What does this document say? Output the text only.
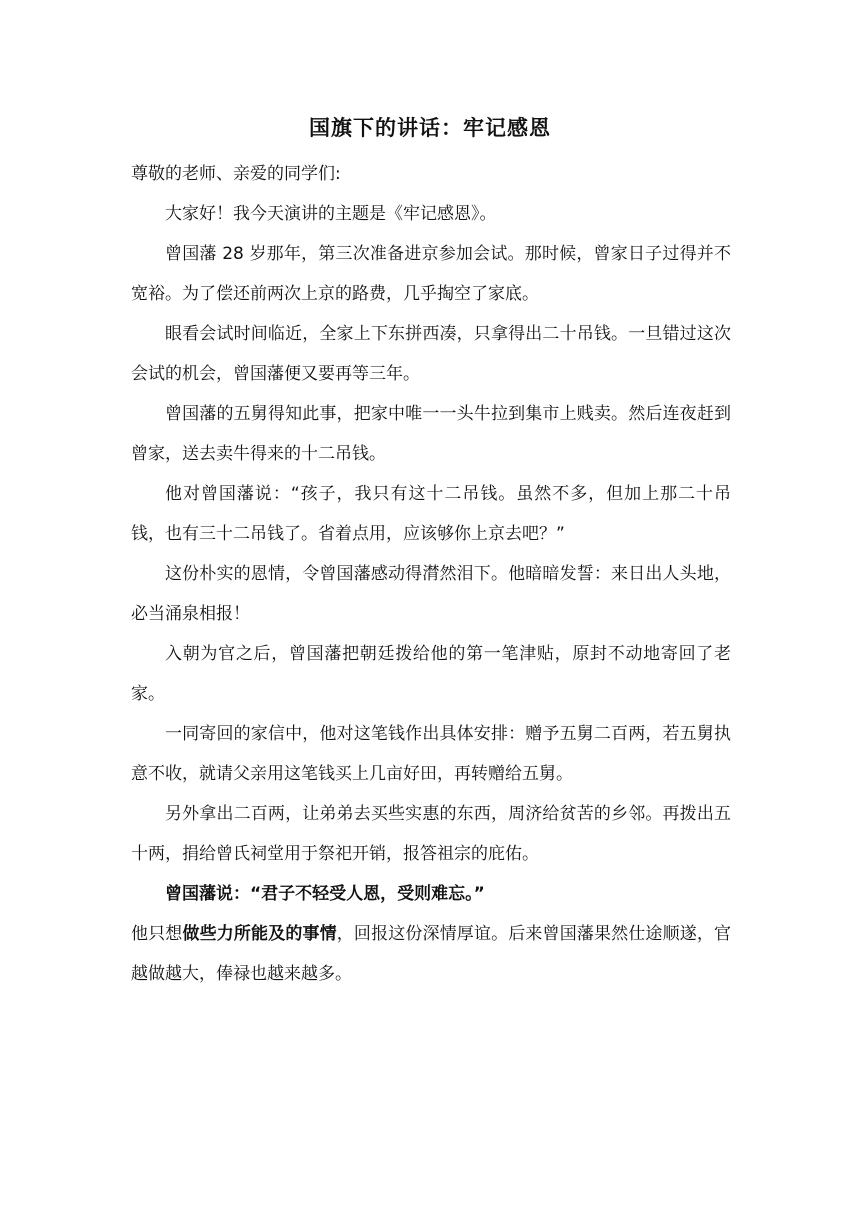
国旗下的讲话：牢记感恩

尊敬的老师、亲爱的同学们:

大家好！我今天演讲的主题是《牢记感恩》。

曾国藩 28 岁那年，第三次准备进京参加会试。那时候，曾家日子过得并不宽裕。为了偿还前两次上京的路费，几乎掏空了家底。

眼看会试时间临近，全家上下东拼西凑，只拿得出二十吊钱。一旦错过这次会试的机会，曾国藩便又要再等三年。

曾国藩的五舅得知此事，把家中唯一一头牛拉到集市上贱卖。然后连夜赶到曾家，送去卖牛得来的十二吊钱。

他对曾国藩说：“孩子，我只有这十二吊钱。虽然不多，但加上那二十吊钱，也有三十二吊钱了。省着点用，应该够你上京去吧？”

这份朴实的恩情，令曾国藩感动得潸然泪下。他暗暗发誓：来日出人头地，必当涌泉相报！

入朝为官之后，曾国藩把朝廷拨给他的第一笔津贴，原封不动地寄回了老家。

一同寄回的家信中，他对这笔钱作出具体安排：赠予五舅二百两，若五舅执意不收，就请父亲用这笔钱买上几亩好田，再转赠给五舅。

另外拿出二百两，让弟弟去买些实惠的东西，周济给贫苦的乡邻。再拨出五十两，捐给曾氏祠堂用于祭祀开销，报答祖宗的庇佑。

曾国藩说：“君子不轻受人恩，受则难忘。”

他只想做些力所能及的事情，回报这份深情厚谊。后来曾国藩果然仕途顺遂，官越做越大，俸禄也越来越多。
